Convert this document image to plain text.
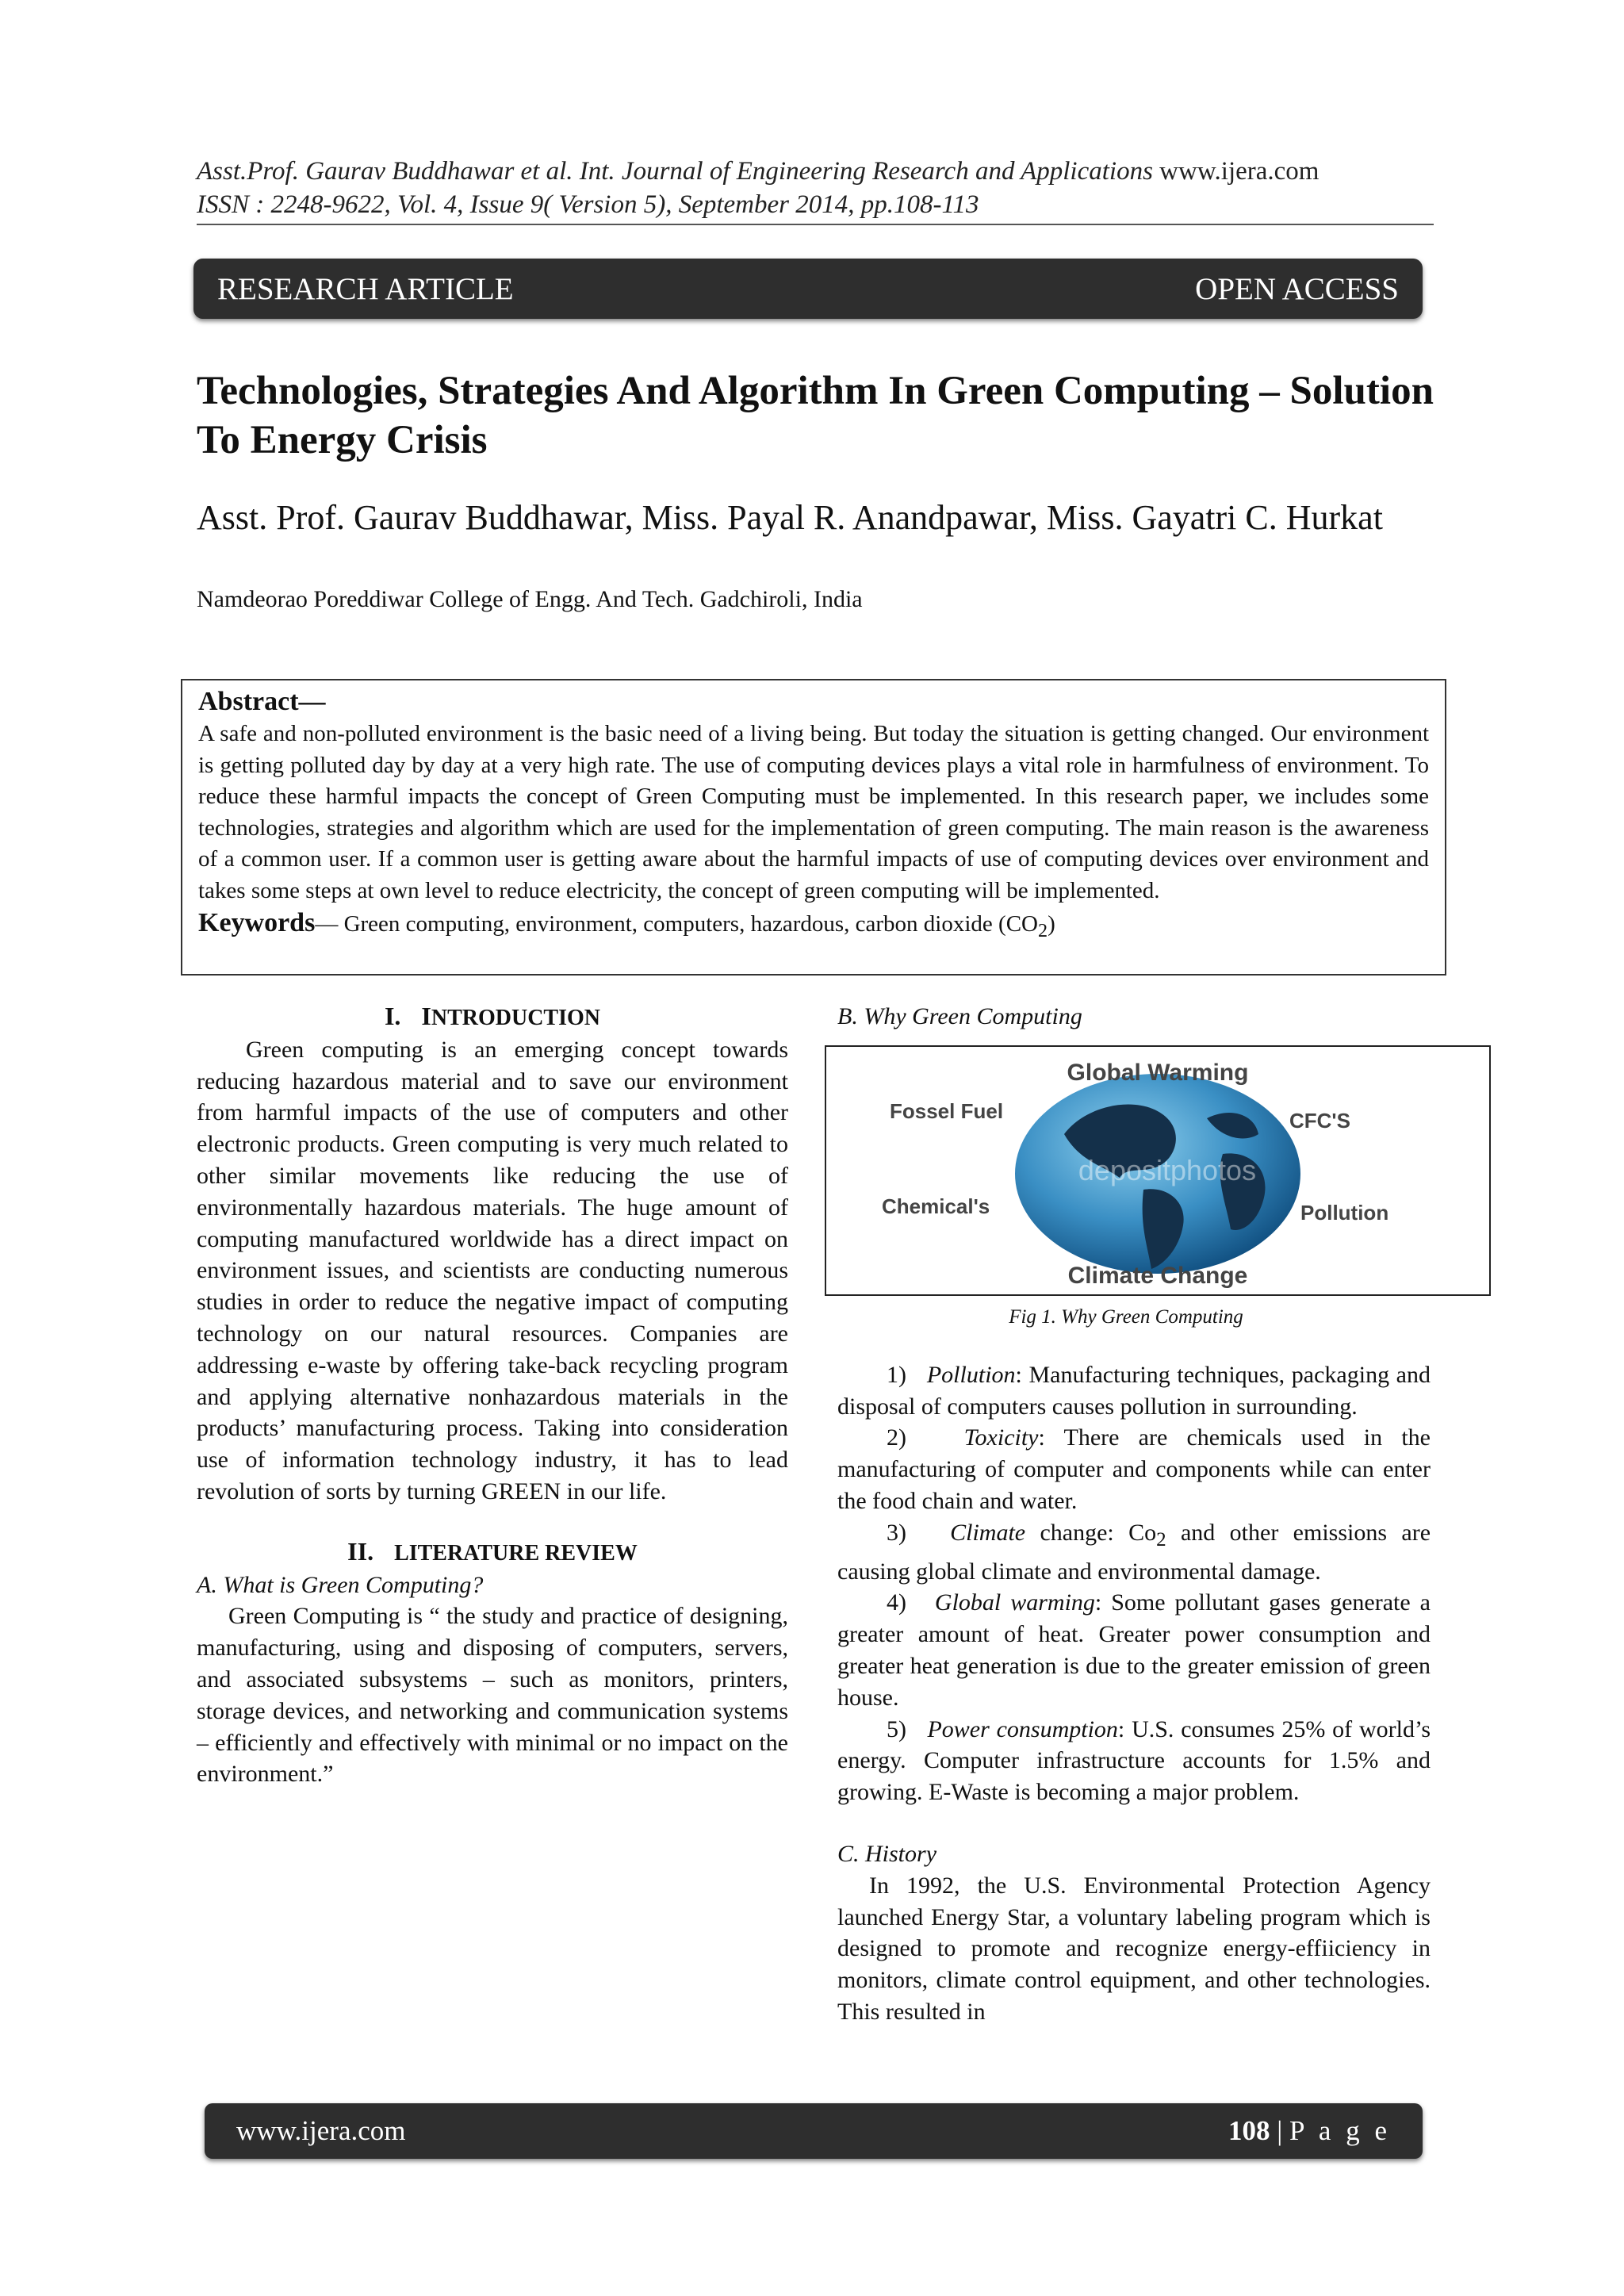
Asst.Prof. Gaurav Buddhawar et al. Int. Journal of Engineering Research and Applications www.ijera.com
ISSN : 2248-9622, Vol. 4, Issue 9( Version 5), September 2014, pp.108-113
RESEARCH ARTICLE	OPEN ACCESS
Technologies, Strategies And Algorithm In Green Computing – Solution To Energy Crisis
Asst. Prof. Gaurav Buddhawar, Miss. Payal R. Anandpawar, Miss. Gayatri C. Hurkat
Namdeorao Poreddiwar College of Engg. And Tech. Gadchiroli, India
Abstract—

A safe and non-polluted environment is the basic need of a living being. But today the situation is getting changed. Our environment is getting polluted day by day at a very high rate. The use of computing devices plays a vital role in harmfulness of environment. To reduce these harmful impacts the concept of Green Computing must be implemented. In this research paper, we includes some technologies, strategies and algorithm which are used for the implementation of green computing. The main reason is the awareness of a common user. If a common user is getting aware about the harmful impacts of use of computing devices over environment and takes some steps at own level to reduce electricity, the concept of green computing will be implemented.

Keywords— Green computing, environment, computers, hazardous, carbon dioxide $(CO_2)$

I. INTRODUCTION

Green computing is an emerging concept towards reducing hazardous material and to save our environment from harmful impacts of the use of computers and other electronic products. Green computing is very much related to other similar movements like reducing the use of environmentally hazardous materials. The huge amount of computing manufactured worldwide has a direct impact on environment issues, and scientists are conducting numerous studies in order to reduce the negative impact of computing technology on our natural resources. Companies are addressing e-waste by offering take-back recycling program and applying alternative nonhazardous materials in the products’ manufacturing process. Taking into consideration use of information technology industry, it has to lead revolution of sorts by turning GREEN in our life.

II. LITERATURE REVIEW
A. What is Green Computing?

Green Computing is “ the study and practice of designing, manufacturing, using and disposing of computers, servers, and associated subsystems – such as monitors, printers, storage devices, and networking and communication systems – efficiently and effectively with minimal or no impact on the environment.”

B. Why Green Computing
depositphotos
Global Warming
Fossel Fuel	CFC'S
Chemical's	Pollution
Climate Change
Fig 1. Why Green Computing

1) Pollution: Manufacturing techniques, packaging and disposal of computers causes pollution in surrounding.

2) Toxicity: There are chemicals used in the manufacturing of computer and components while can enter the food chain and water.

3) Climate change: $Co_2$ and other emissions are causing global climate and environmental damage.

4) Global warming: Some pollutant gases generate a greater amount of heat. Greater power consumption and greater heat generation is due to the greater emission of green house.

5) Power consumption: U.S. consumes 25% of world’s energy. Computer infrastructure accounts for 1.5% and growing. E-Waste is becoming a major problem.

C. History

In 1992, the U.S. Environmental Protection Agency launched Energy Star, a voluntary labeling program which is designed to promote and recognize energy-effiiciency in monitors, climate control equipment, and other technologies. This resulted in

www.ijera.com	108 | P a g e
